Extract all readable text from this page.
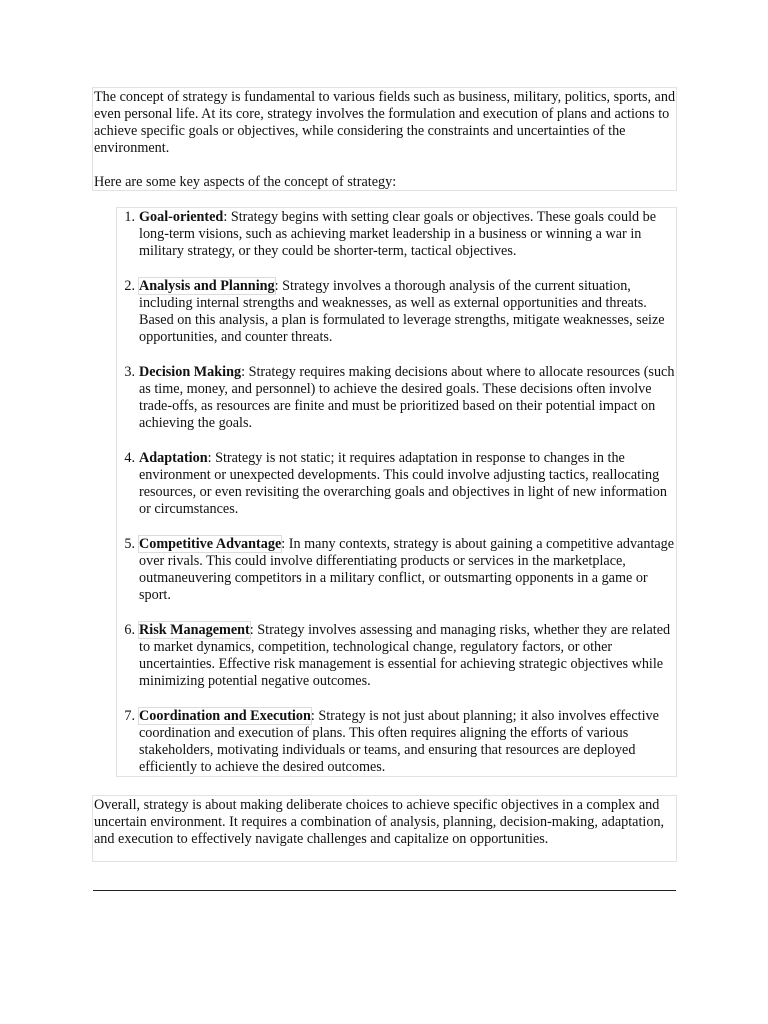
The concept of strategy is fundamental to various fields such as business, military, politics, sports, and even personal life. At its core, strategy involves the formulation and execution of plans and actions to achieve specific goals or objectives, while considering the constraints and uncertainties of the environment.

Here are some key aspects of the concept of strategy:

1. Goal-oriented: Strategy begins with setting clear goals or objectives. These goals could be long-term visions, such as achieving market leadership in a business or winning a war in military strategy, or they could be shorter-term, tactical objectives.
2. Analysis and Planning: Strategy involves a thorough analysis of the current situation, including internal strengths and weaknesses, as well as external opportunities and threats. Based on this analysis, a plan is formulated to leverage strengths, mitigate weaknesses, seize opportunities, and counter threats.
3. Decision Making: Strategy requires making decisions about where to allocate resources (such as time, money, and personnel) to achieve the desired goals. These decisions often involve trade-offs, as resources are finite and must be prioritized based on their potential impact on achieving the goals.
4. Adaptation: Strategy is not static; it requires adaptation in response to changes in the environment or unexpected developments. This could involve adjusting tactics, reallocating resources, or even revisiting the overarching goals and objectives in light of new information or circumstances.
5. Competitive Advantage: In many contexts, strategy is about gaining a competitive advantage over rivals. This could involve differentiating products or services in the marketplace, outmaneuvering competitors in a military conflict, or outsmarting opponents in a game or sport.
6. Risk Management: Strategy involves assessing and managing risks, whether they are related to market dynamics, competition, technological change, regulatory factors, or other uncertainties. Effective risk management is essential for achieving strategic objectives while minimizing potential negative outcomes.
7. Coordination and Execution: Strategy is not just about planning; it also involves effective coordination and execution of plans. This often requires aligning the efforts of various stakeholders, motivating individuals or teams, and ensuring that resources are deployed efficiently to achieve the desired outcomes.

Overall, strategy is about making deliberate choices to achieve specific objectives in a complex and uncertain environment. It requires a combination of analysis, planning, decision-making, adaptation, and execution to effectively navigate challenges and capitalize on opportunities.
